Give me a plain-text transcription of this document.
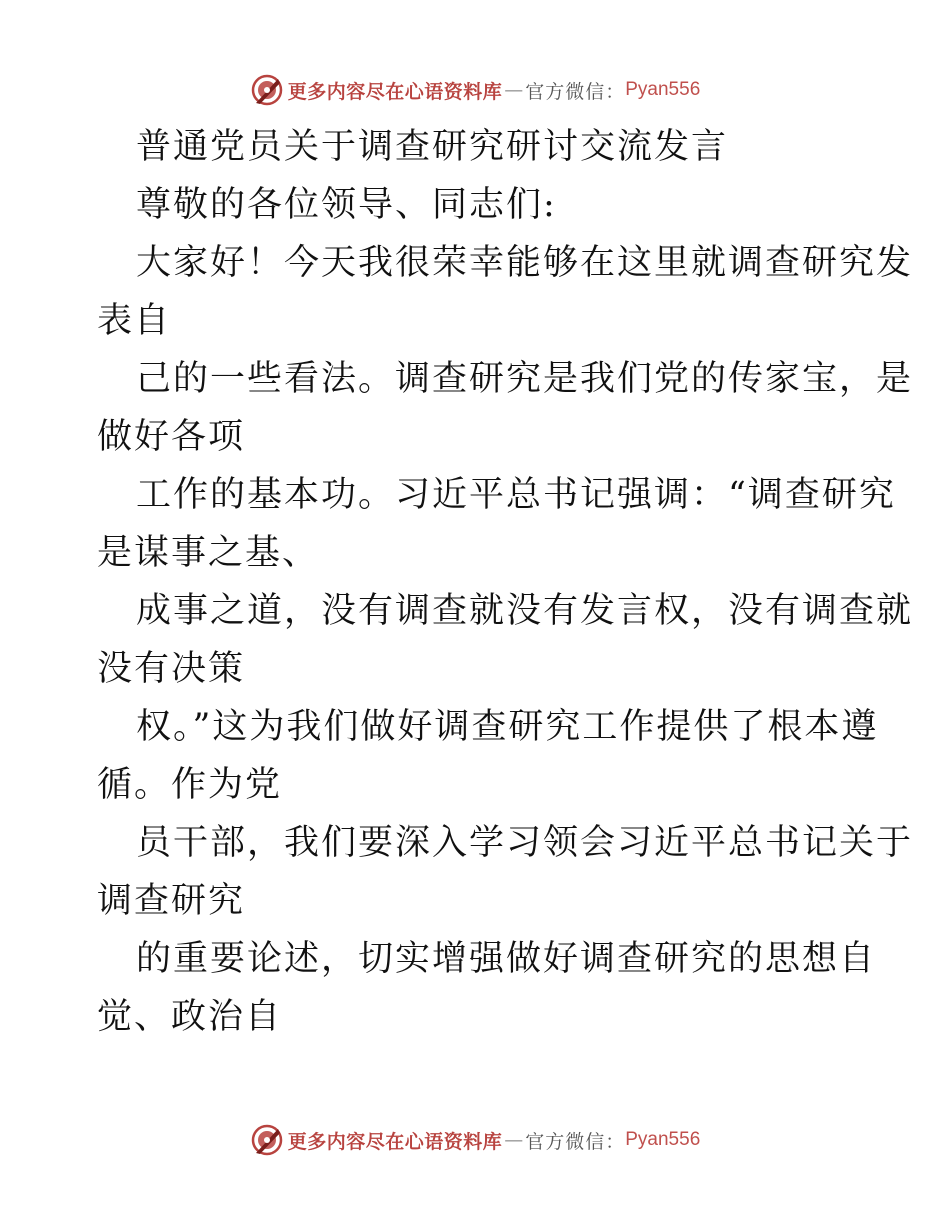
更多内容尽在心语资料库 — 官方微信： Pyan556
普通党员关于调查研究研讨交流发言
尊敬的各位领导、同志们:
大家好！今天我很荣幸能够在这里就调查研究发
表自
己的一些看法。调查研究是我们党的传家宝，是
做好各项
工作的基本功。习近平总书记强调：“调查研究
是谋事之基、
成事之道，没有调查就没有发言权，没有调查就
没有决策
权。”这为我们做好调查研究工作提供了根本遵
循。作为党
员干部，我们要深入学习领会习近平总书记关于
调查研究
的重要论述，切实增强做好调查研究的思想自
觉、政治自
更多内容尽在心语资料库 — 官方微信： Pyan556
